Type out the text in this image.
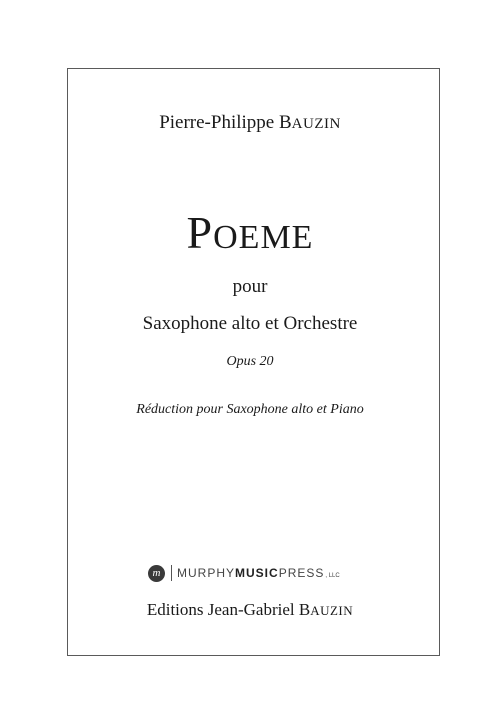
Pierre-Philippe BAUZIN
POEME
pour
Saxophone alto et Orchestre
Opus 20
Réduction pour Saxophone alto et Piano
m	MURPHYMUSICPRESS, LLC
Editions Jean-Gabriel BAUZIN
